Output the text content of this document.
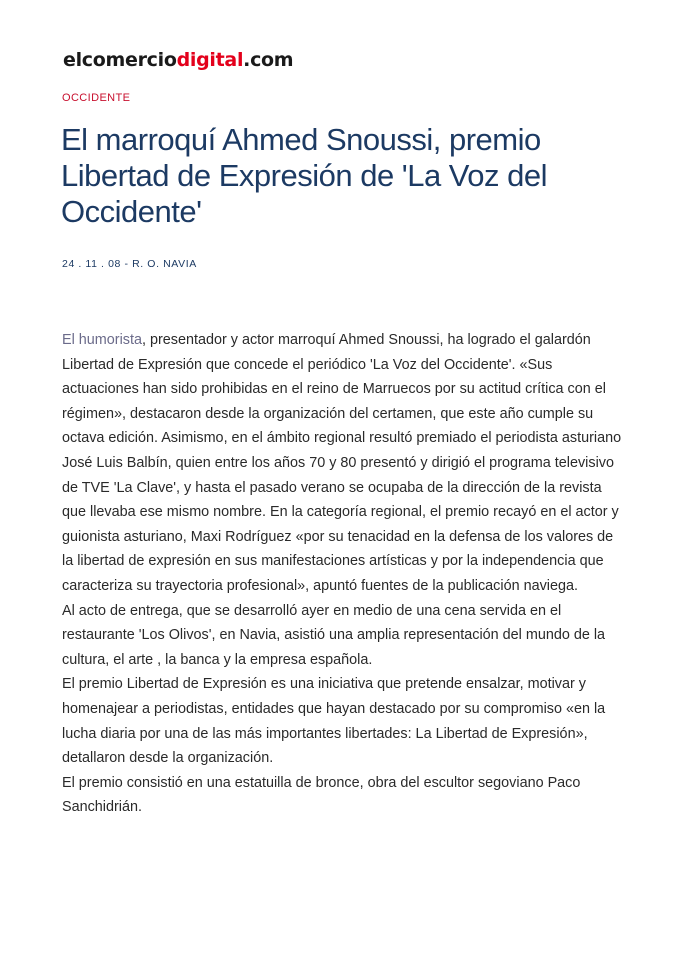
elcomerciodigital.com
OCCIDENTE
El marroquí Ahmed Snoussi, premio Libertad de Expresión de 'La Voz del Occidente'
24 . 11 . 08 - R. O. NAVIA

El humorista, presentador y actor marroquí Ahmed Snoussi, ha logrado el galardón Libertad de Expresión que concede el periódico 'La Voz del Occidente'. «Sus actuaciones han sido prohibidas en el reino de Marruecos por su actitud crítica con el régimen», destacaron desde la organización del certamen, que este año cumple su octava edición. Asimismo, en el ámbito regional resultó premiado el periodista asturiano José Luis Balbín, quien entre los años 70 y 80 presentó y dirigió el programa televisivo de TVE 'La Clave', y hasta el pasado verano se ocupaba de la dirección de la revista que llevaba ese mismo nombre. En la categoría regional, el premio recayó en el actor y guionista asturiano, Maxi Rodríguez «por su tenacidad en la defensa de los valores de la libertad de expresión en sus manifestaciones artísticas y por la independencia que caracteriza su trayectoria profesional», apuntó fuentes de la publicación naviega.

Al acto de entrega, que se desarrolló ayer en medio de una cena servida en el restaurante 'Los Olivos', en Navia, asistió una amplia representación del mundo de la cultura, el arte , la banca y la empresa española.

El premio Libertad de Expresión es una iniciativa que pretende ensalzar, motivar y homenajear a periodistas, entidades que hayan destacado por su compromiso «en la lucha diaria por una de las más importantes libertades: La Libertad de Expresión», detallaron desde la organización.

El premio consistió en una estatuilla de bronce, obra del escultor segoviano Paco Sanchidrián.
